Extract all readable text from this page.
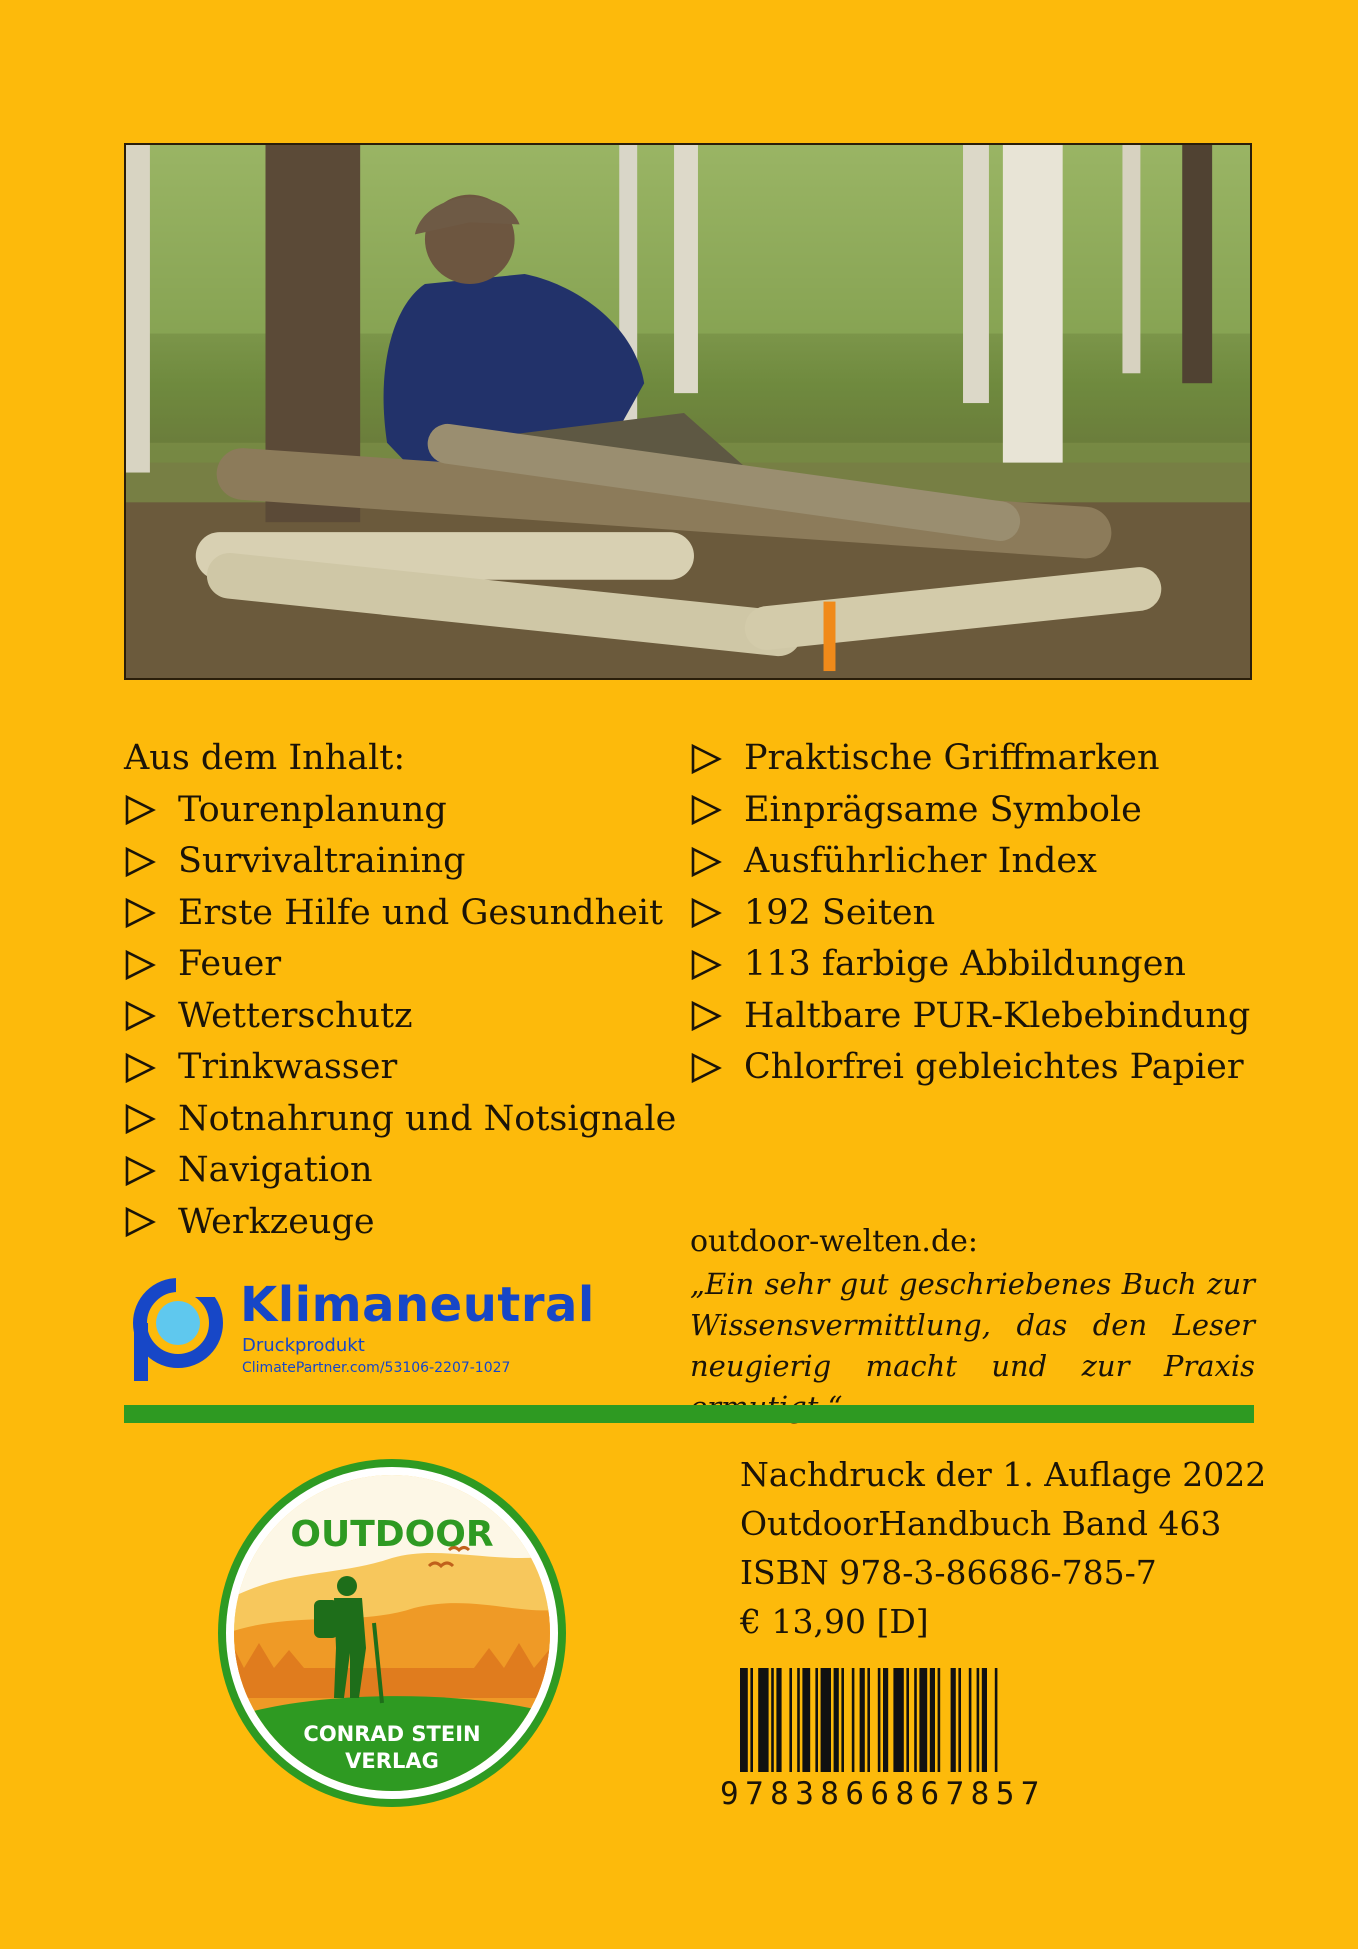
Aus dem Inhalt:
Tourenplanung
Survivaltraining
Erste Hilfe und Gesundheit
Feuer
Wetterschutz
Trinkwasser
Notnahrung und Notsignale
Navigation
Werkzeuge
Praktische Griffmarken
Einprägsame Symbole
Ausführlicher Index
192 Seiten
113 farbige Abbildungen
Haltbare PUR-Klebebindung
Chlorfrei gebleichtes Papier
Klimaneutral
Druckprodukt
ClimatePartner.com/53106-2207-1027
outdoor-welten.de:
„Ein sehr gut geschriebenes Buch zur Wissensvermittlung, das den Leser neugierig macht und zur Praxis
OUTDOOR
CONRAD STEIN
VERLAG
Nachdruck der 1. Auflage 2022
OutdoorHandbuch Band 463
ISBN 978-3-86686-785-7
€ 13,90 [D]
9783866867857
